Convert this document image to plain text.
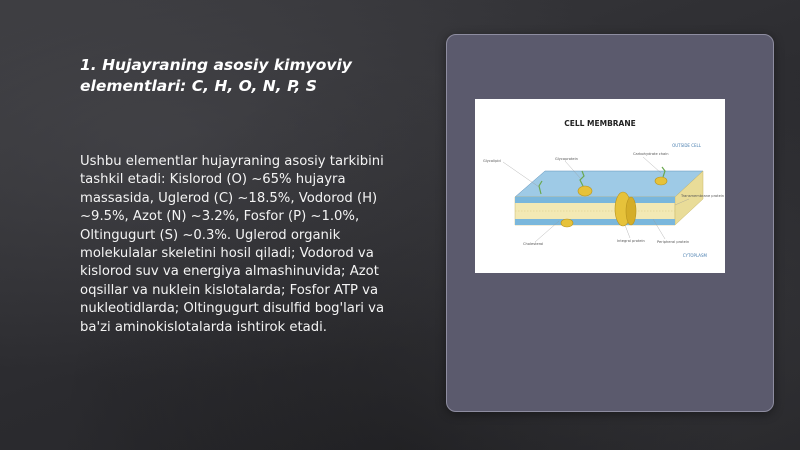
1. Hujayraning asosiy kimyoviy elementlari: C, H, O, N, P, S
Ushbu elementlar hujayraning asosiy tarkibini tashkil etadi: Kislorod (O) ~65% hujayra massasida, Uglerod (C) ~18.5%, Vodorod (H) ~9.5%, Azot (N) ~3.2%, Fosfor (P) ~1.0%, Oltingugurt (S) ~0.3%. Uglerod organik molekulalar skeletini hosil qiladi; Vodorod va kislorod suv va energiya almashinuvida; Azot oqsillar va nuklein kislotalarda; Fosfor ATP va nukleotidlarda; Oltingugurt disulfid bog'lari va ba'zi aminokislotalarda ishtirok etadi.
CELL MEMBRANE
OUTSIDE CELL
CYTOPLASM
Glycolipid	Glycoprotein
Carbohydrate chain
Transmembrane protein
Cholesterol
Integral protein	Peripheral protein
